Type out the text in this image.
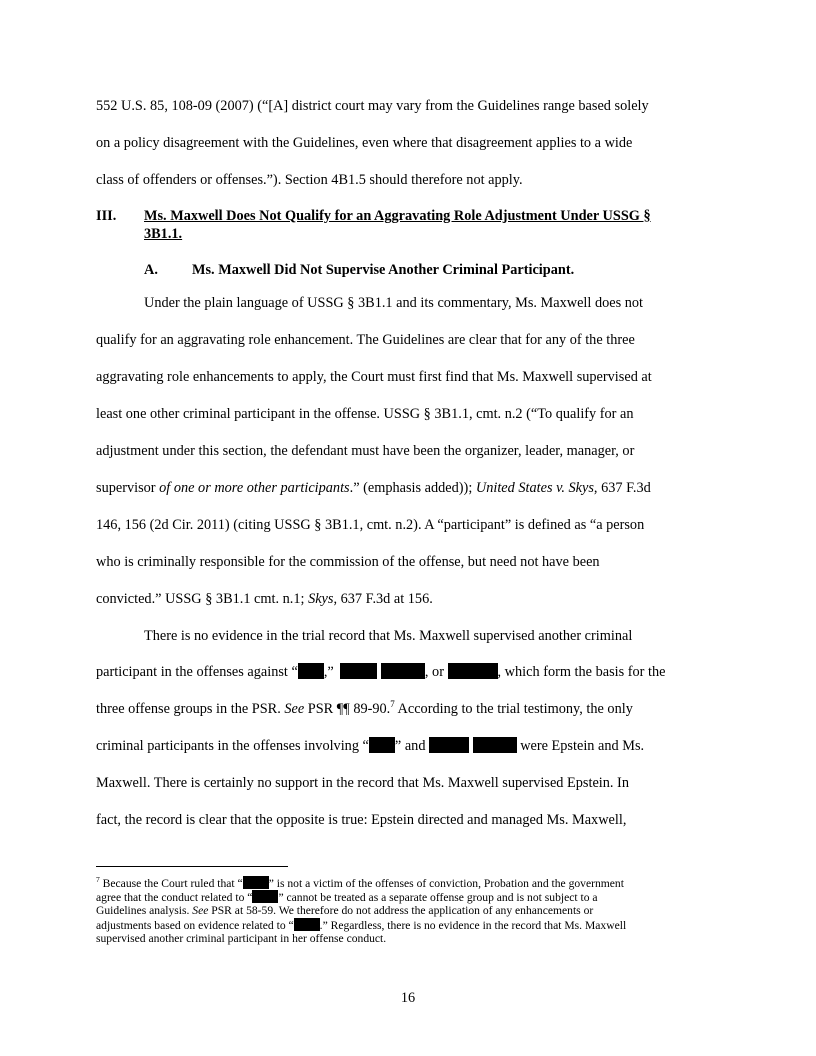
552 U.S. 85, 108-09 (2007) (“[A] district court may vary from the Guidelines range based solely
on a policy disagreement with the Guidelines, even where that disagreement applies to a wide
class of offenders or offenses.”). Section 4B1.5 should therefore not apply.
III. Ms. Maxwell Does Not Qualify for an Aggravating Role Adjustment Under USSG §
3B1.1.
A. Ms. Maxwell Did Not Supervise Another Criminal Participant.
Under the plain language of USSG § 3B1.1 and its commentary, Ms. Maxwell does not
qualify for an aggravating role enhancement. The Guidelines are clear that for any of the three
aggravating role enhancements to apply, the Court must first find that Ms. Maxwell supervised at
least one other criminal participant in the offense. USSG § 3B1.1, cmt. n.2 (“To qualify for an
adjustment under this section, the defendant must have been the organizer, leader, manager, or
supervisor of one or more other participants.” (emphasis added)); United States v. Skys, 637 F.3d
146, 156 (2d Cir. 2011) (citing USSG § 3B1.1, cmt. n.2). A “participant” is defined as “a person
who is criminally responsible for the commission of the offense, but need not have been
convicted.” USSG § 3B1.1 cmt. n.1; Skys, 637 F.3d at 156.
There is no evidence in the trial record that Ms. Maxwell supervised another criminal
participant in the offenses against “ ,”	, or	, which form the basis for the
three offense groups in the PSR. See PSR ¶¶ 89-90.$^7$ According to the trial testimony, the only
criminal participants in the offenses involving “ ” and	were Epstein and Ms.
Maxwell. There is certainly no support in the record that Ms. Maxwell supervised Epstein. In
fact, the record is clear that the opposite is true: Epstein directed and managed Ms. Maxwell,
$^7$ Because the Court ruled that “ ” is not a victim of the offenses of conviction, Probation and the government
agree that the conduct related to “ ” cannot be treated as a separate offense group and is not subject to a
Guidelines analysis. See PSR at 58-59. We therefore do not address the application of any enhancements or
adjustments based on evidence related to “ .” Regardless, there is no evidence in the record that Ms. Maxwell
supervised another criminal participant in her offense conduct.
16
